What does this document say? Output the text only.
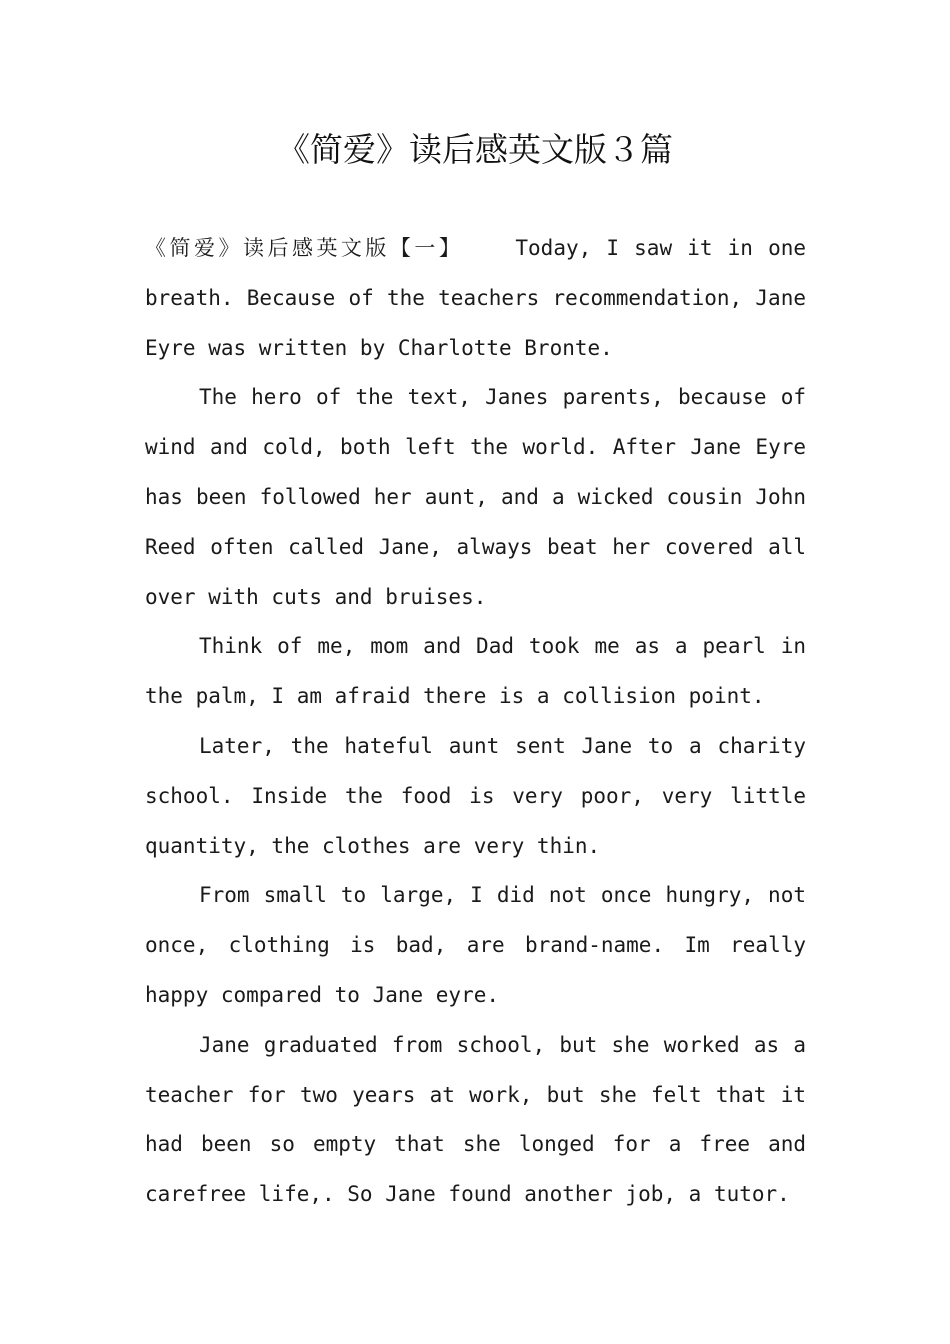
《简爱》读后感英文版３篇

《简爱》读后感英文版【一】 Today, I saw it in one breath. Because of the teachers recommendation, Jane Eyre was written by Charlotte Bronte.

The hero of the text, Janes parents, because of wind and cold, both left the world. After Jane Eyre has been followed her aunt, and a wicked cousin John Reed often called Jane, always beat her covered all over with cuts and bruises.

Think of me, mom and Dad took me as a pearl in the palm, I am afraid there is a collision point.

Later, the hateful aunt sent Jane to a charity school. Inside the food is very poor, very little quantity, the clothes are very thin.

From small to large, I did not once hungry, not once, clothing is bad, are brand-name. Im really happy compared to Jane eyre.

Jane graduated from school, but she worked as a teacher for two years at work, but she felt that it had been so empty that she longed for a free and carefree life,. So Jane found another job, a tutor.
